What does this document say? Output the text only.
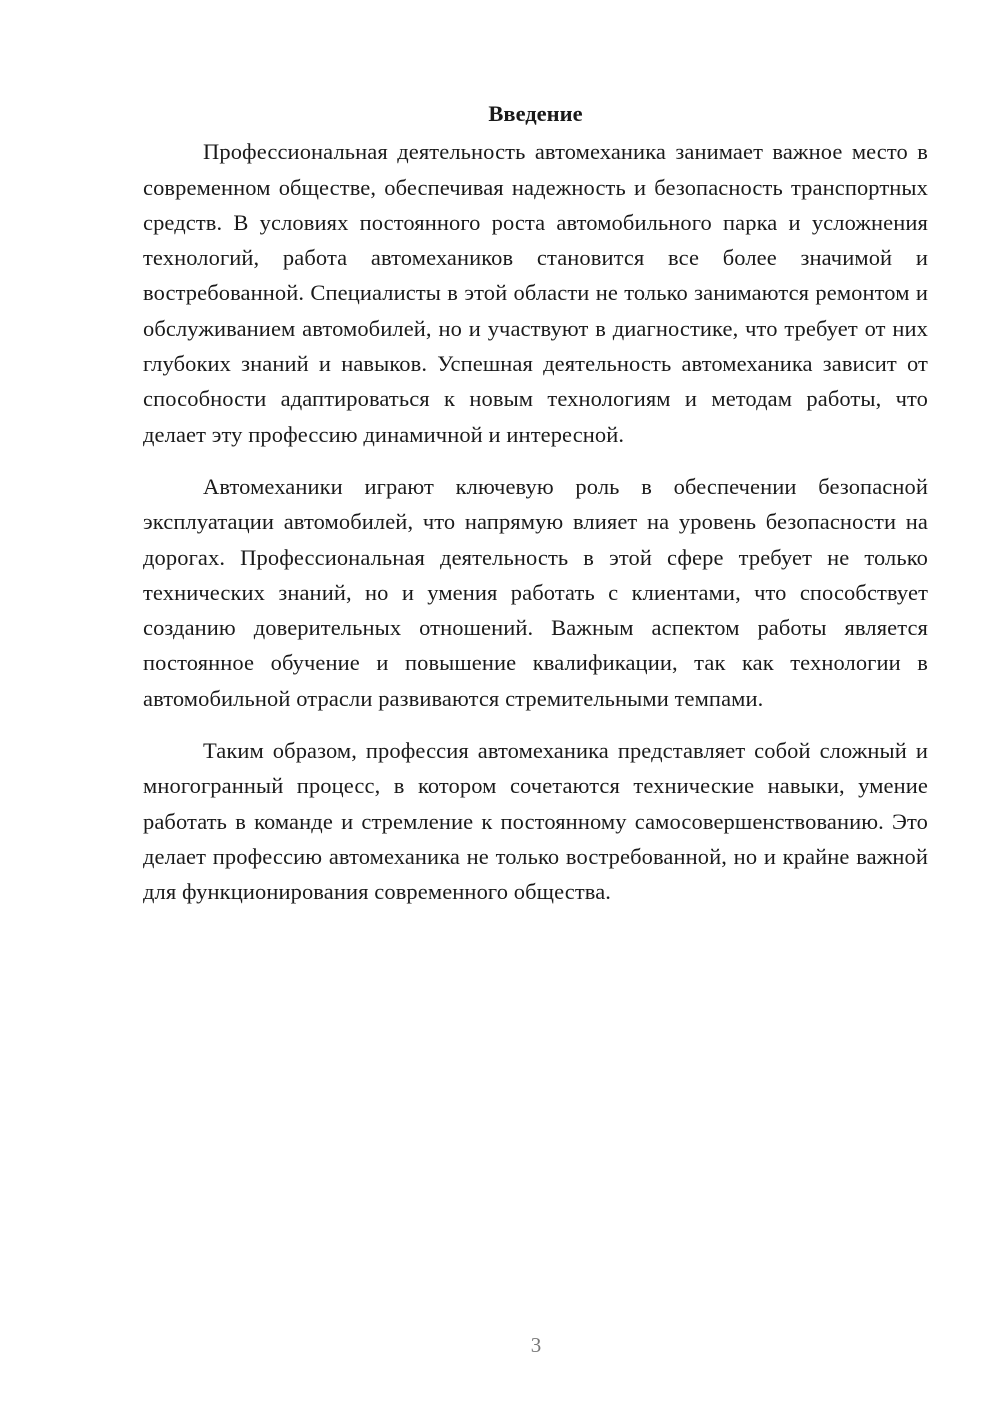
Введение

Профессиональная деятельность автомеханика занимает важное место в современном обществе, обеспечивая надежность и безопасность транспортных средств. В условиях постоянного роста автомобильного парка и усложнения технологий, работа автомехаников становится все более значимой и востребованной. Специалисты в этой области не только занимаются ремонтом и обслуживанием автомобилей, но и участвуют в диагностике, что требует от них глубоких знаний и навыков. Успешная деятельность автомеханика зависит от способности адаптироваться к новым технологиям и методам работы, что делает эту профессию динамичной и интересной.

Автомеханики играют ключевую роль в обеспечении безопасной эксплуатации автомобилей, что напрямую влияет на уровень безопасности на дорогах. Профессиональная деятельность в этой сфере требует не только технических знаний, но и умения работать с клиентами, что способствует созданию доверительных отношений. Важным аспектом работы является постоянное обучение и повышение квалификации, так как технологии в автомобильной отрасли развиваются стремительными темпами.

Таким образом, профессия автомеханика представляет собой сложный и многогранный процесс, в котором сочетаются технические навыки, умение работать в команде и стремление к постоянному самосовершенствованию. Это делает профессию автомеханика не только востребованной, но и крайне важной для функционирования современного общества.

3
